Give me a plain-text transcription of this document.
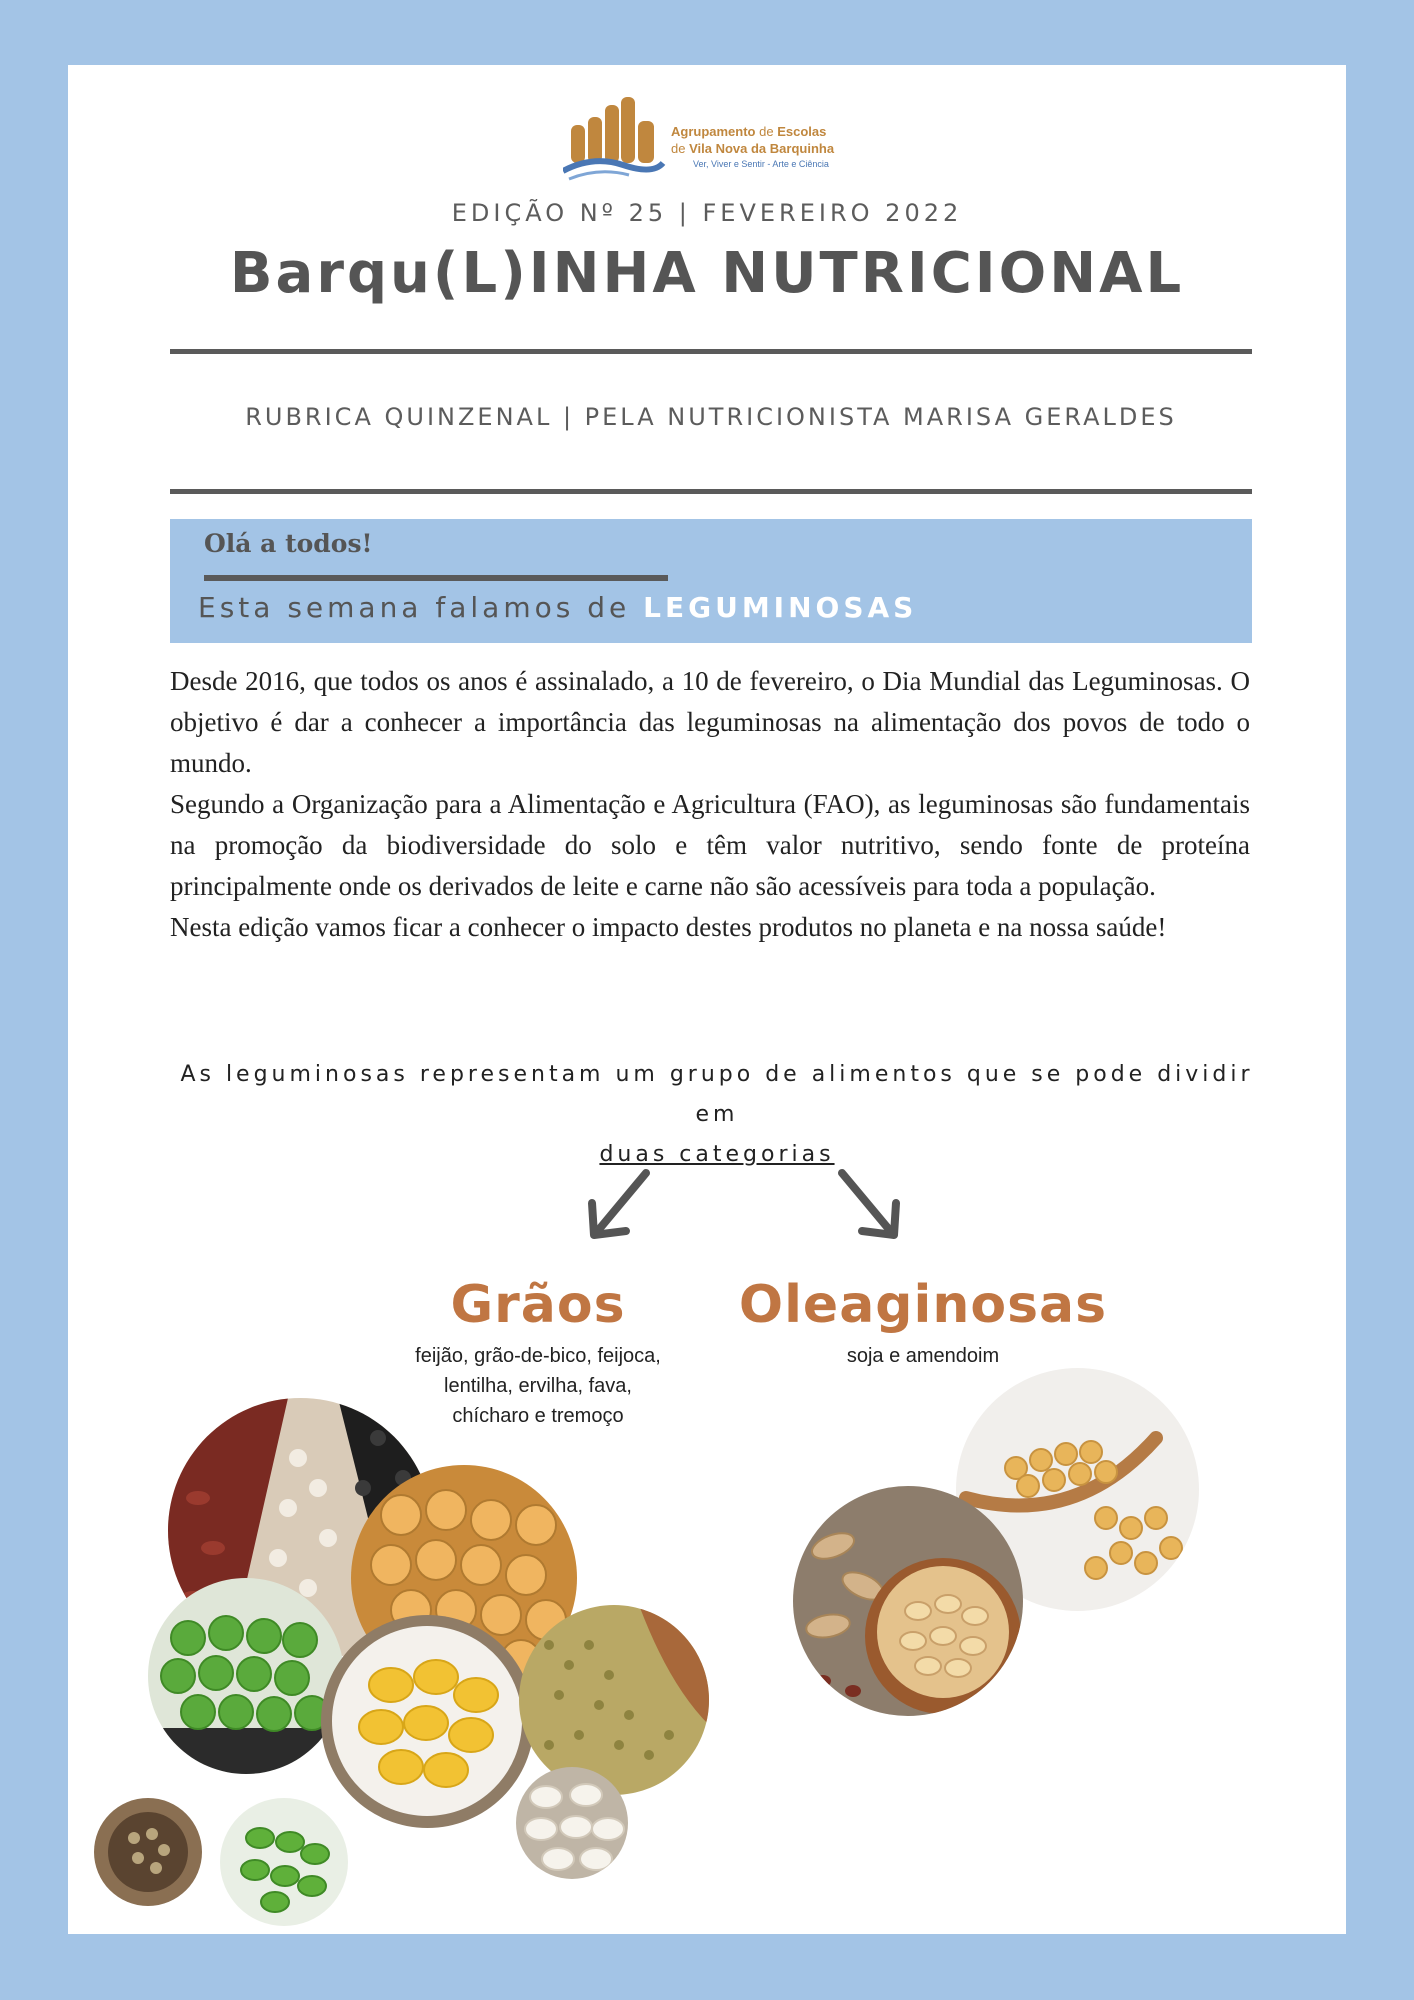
Agrupamento de Escolas
de Vila Nova da Barquinha
Ver, Viver e Sentir - Arte e Ciência
EDIÇÃO Nº 25 | FEVEREIRO 2022
Barqu(L)INHA NUTRICIONAL
RUBRICA QUINZENAL | PELA NUTRICIONISTA MARISA GERALDES
Olá a todos!
Esta semana falamos de LEGUMINOSAS

Desde 2016, que todos os anos é assinalado, a 10 de fevereiro, o Dia Mundial das Leguminosas. O objetivo é dar a conhecer a importância das leguminosas na alimentação dos povos de todo o mundo.

Segundo a Organização para a Alimentação e Agricultura (FAO), as leguminosas são fundamentais na promoção da biodiversidade do solo e têm valor nutritivo, sendo fonte de proteína principalmente onde os derivados de leite e carne não são acessíveis para toda a população.

Nesta edição vamos ficar a conhecer o impacto destes produtos no planeta e na nossa saúde!

As leguminosas representam um grupo de alimentos que se pode dividir em
duas categorias
Grãos
feijão, grão-de-bico, feijoca,
lentilha, ervilha, fava,
chícharo e tremoço
Oleaginosas
soja e amendoim
